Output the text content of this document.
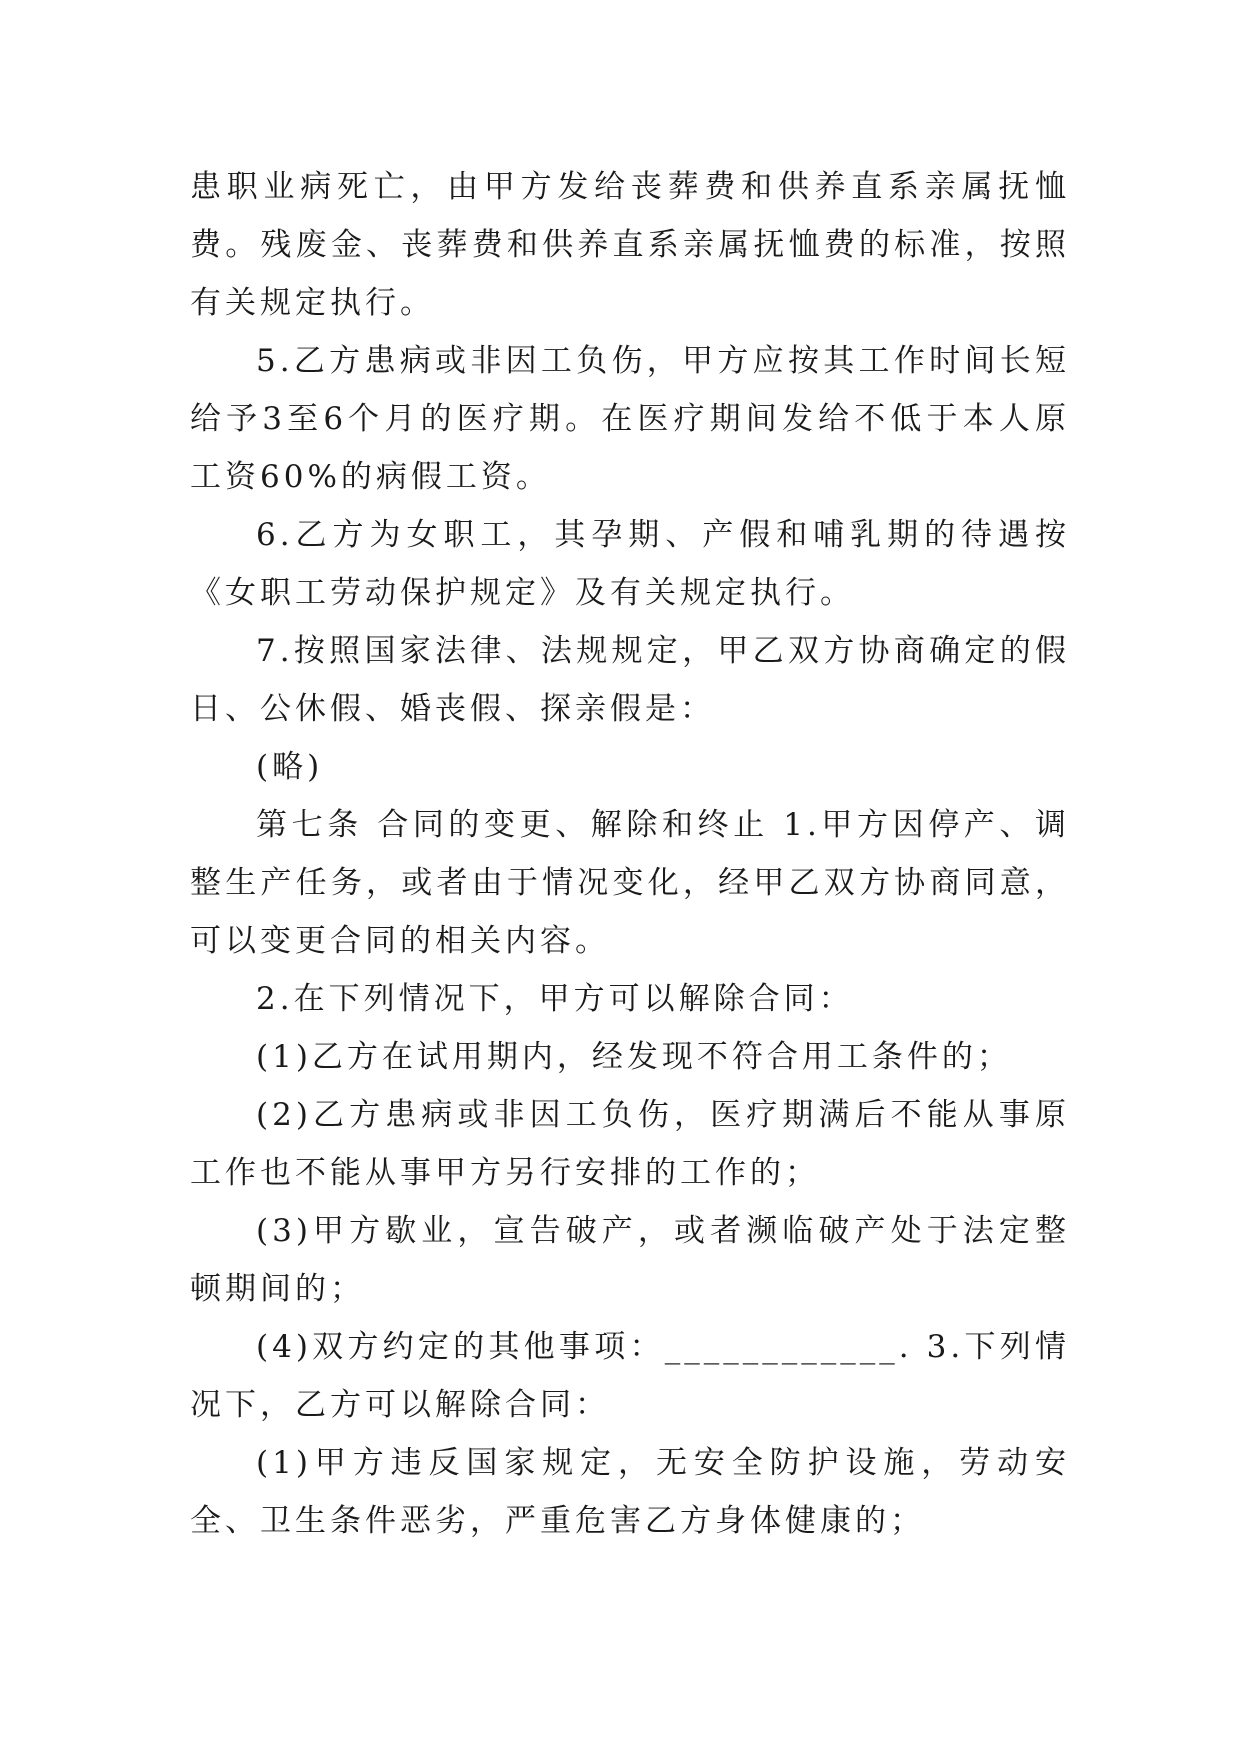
患职业病死亡，由甲方发给丧葬费和供养直系亲属抚恤费。残废金、丧葬费和供养直系亲属抚恤费的标准，按照有关规定执行。

5.乙方患病或非因工负伤，甲方应按其工作时间长短给予3至6个月的医疗期。在医疗期间发给不低于本人原工资60%的病假工资。

6.乙方为女职工，其孕期、产假和哺乳期的待遇按《女职工劳动保护规定》及有关规定执行。

7.按照国家法律、法规规定，甲乙双方协商确定的假日、公休假、婚丧假、探亲假是：

(略)

第七条 合同的变更、解除和终止 1.甲方因停产、调整生产任务，或者由于情况变化，经甲乙双方协商同意，可以变更合同的相关内容。

2.在下列情况下，甲方可以解除合同：

(1)乙方在试用期内，经发现不符合用工条件的；

(2)乙方患病或非因工负伤，医疗期满后不能从事原工作也不能从事甲方另行安排的工作的；

(3)甲方歇业，宣告破产，或者濒临破产处于法定整顿期间的；

(4)双方约定的其他事项：____________. 3.下列情况下，乙方可以解除合同：

(1)甲方违反国家规定，无安全防护设施，劳动安全、卫生条件恶劣，严重危害乙方身体健康的；
